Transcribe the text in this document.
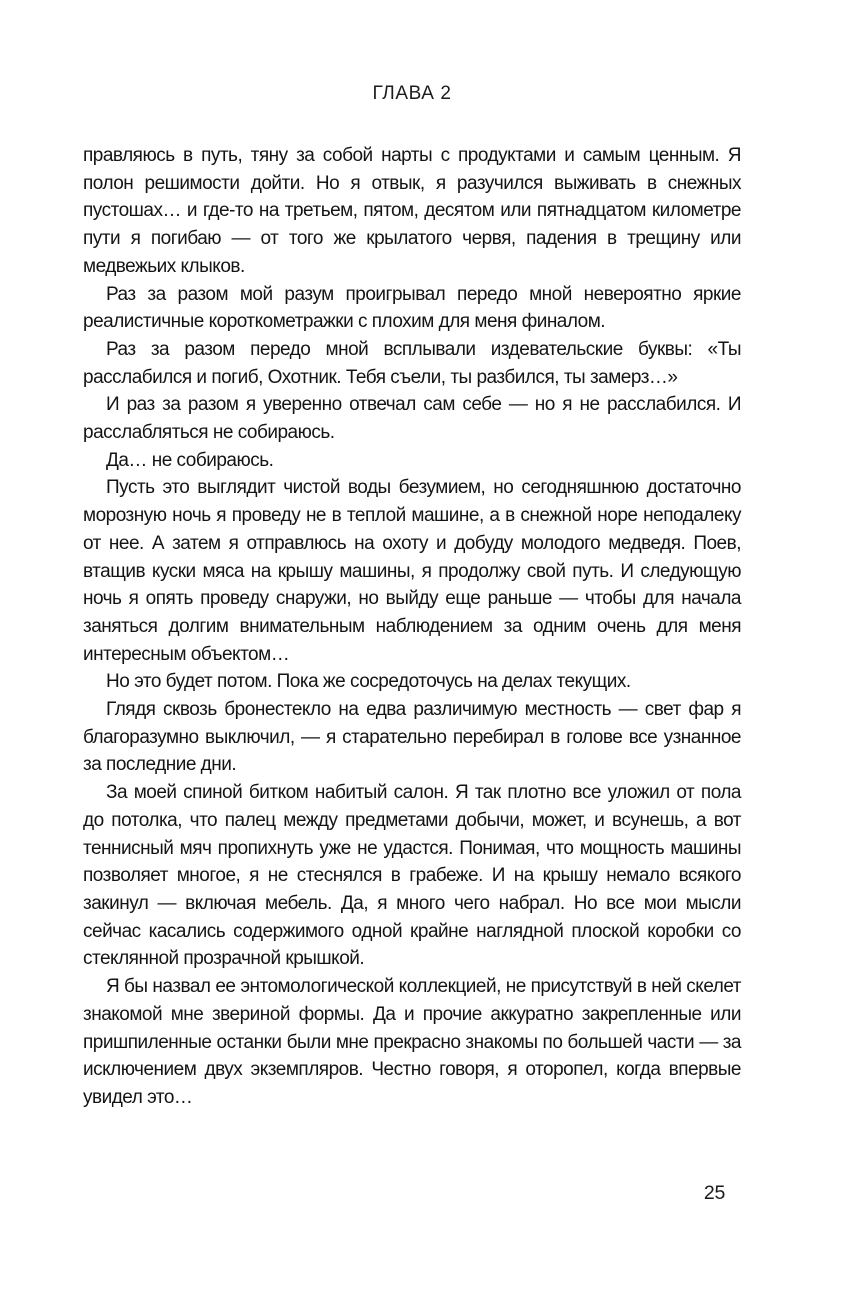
ГЛАВА 2

правляюсь в путь, тяну за собой нарты с продуктами и самым ценным. Я полон решимости дойти. Но я отвык, я разучился выживать в снежных пустошах… и где-то на третьем, пятом, десятом или пятнадцатом километре пути я погибаю — от того же крылатого червя, падения в трещину или медвежьих клыков.

Раз за разом мой разум проигрывал передо мной невероятно яркие реалистичные короткометражки с плохим для меня финалом.

Раз за разом передо мной всплывали издевательские буквы: «Ты расслабился и погиб, Охотник. Тебя съели, ты разбился, ты замерз…»

И раз за разом я уверенно отвечал сам себе — но я не расслабился. И расслабляться не собираюсь.

Да… не собираюсь.

Пусть это выглядит чистой воды безумием, но сегодняшнюю достаточно морозную ночь я проведу не в теплой машине, а в снежной норе неподалеку от нее. А затем я отправлюсь на охоту и добуду молодого медведя. Поев, втащив куски мяса на крышу машины, я продолжу свой путь. И следующую ночь я опять проведу снаружи, но выйду еще раньше — чтобы для начала заняться долгим внимательным наблюдением за одним очень для меня интересным объектом…

Но это будет потом. Пока же сосредоточусь на делах текущих.

Глядя сквозь бронестекло на едва различимую местность — свет фар я благоразумно выключил, — я старательно перебирал в голове все узнанное за последние дни.

За моей спиной битком набитый салон. Я так плотно все уложил от пола до потолка, что палец между предметами добычи, может, и всунешь, а вот теннисный мяч пропихнуть уже не удастся. Понимая, что мощность машины позволяет многое, я не стеснялся в грабеже. И на крышу немало всякого закинул — включая мебель. Да, я много чего набрал. Но все мои мысли сейчас касались содержимого одной крайне наглядной плоской коробки со стеклянной прозрачной крышкой.

Я бы назвал ее энтомологической коллекцией, не присутствуй в ней скелет знакомой мне звериной формы. Да и прочие аккуратно закрепленные или пришпиленные останки были мне прекрасно знакомы по большей части — за исключением двух экземпляров. Честно говоря, я оторопел, когда впервые увидел это…

25
